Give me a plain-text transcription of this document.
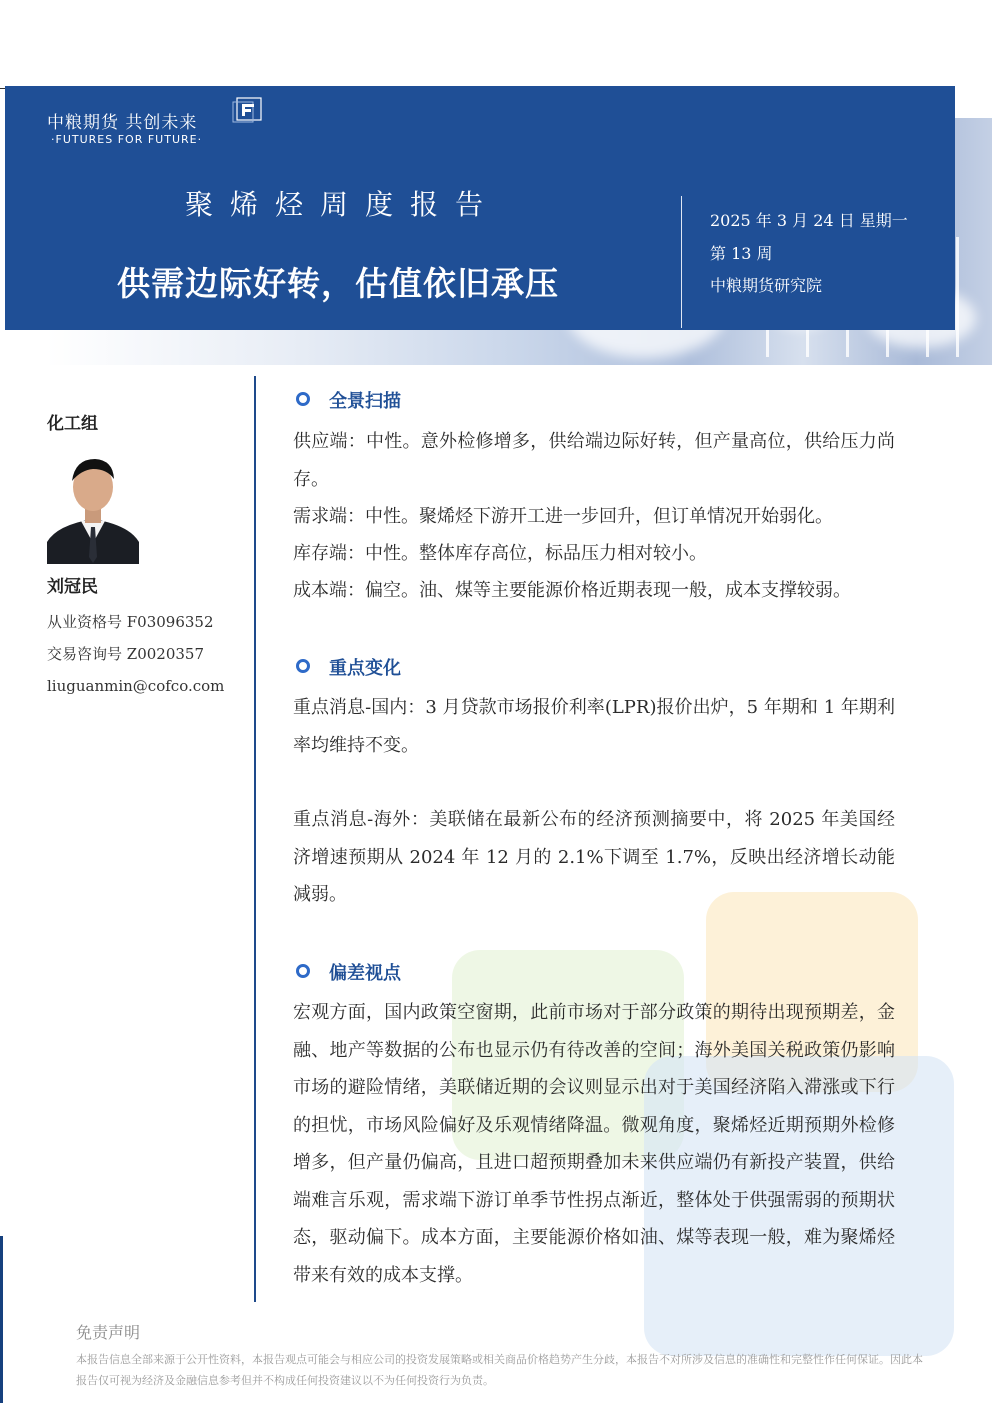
中粮期货 共创未来
·FUTURES FOR FUTURE·
聚烯烃周度报告
供需边际好转，估值依旧承压
2025 年 3 月 24 日 星期一
第 13 周
中粮期货研究院
化工组
刘冠民
从业资格号 F03096352
交易咨询号 Z0020357
liuguanmin@cofco.com
全景扫描
供应端：中性。意外检修增多，供给端边际好转，但产量高位，供给压力尚存。
需求端：中性。聚烯烃下游开工进一步回升，但订单情况开始弱化。
库存端：中性。整体库存高位，标品压力相对较小。
成本端：偏空。油、煤等主要能源价格近期表现一般，成本支撑较弱。
重点变化
重点消息-国内：3 月贷款市场报价利率(LPR)报价出炉，5 年期和 1 年期利率均维持不变。
重点消息-海外：美联储在最新公布的经济预测摘要中，将 2025 年美国经济增速预期从 2024 年 12 月的 2.1%下调至 1.7%，反映出经济增长动能减弱。
偏差视点
宏观方面，国内政策空窗期，此前市场对于部分政策的期待出现预期差，金融、地产等数据的公布也显示仍有待改善的空间；海外美国关税政策仍影响市场的避险情绪，美联储近期的会议则显示出对于美国经济陷入滞涨或下行的担忧，市场风险偏好及乐观情绪降温。微观角度，聚烯烃近期预期外检修增多，但产量仍偏高，且进口超预期叠加未来供应端仍有新投产装置，供给端难言乐观，需求端下游订单季节性拐点渐近，整体处于供强需弱的预期状态，驱动偏下。成本方面，主要能源价格如油、煤等表现一般，难为聚烯烃带来有效的成本支撑。
免责声明
本报告信息全部来源于公开性资料，本报告观点可能会与相应公司的投资发展策略或相关商品价格趋势产生分歧，本报告不对所涉及信息的准确性和完整性作任何保证。因此本报告仅可视为经济及金融信息参考但并不构成任何投资建议以不为任何投资行为负责。
